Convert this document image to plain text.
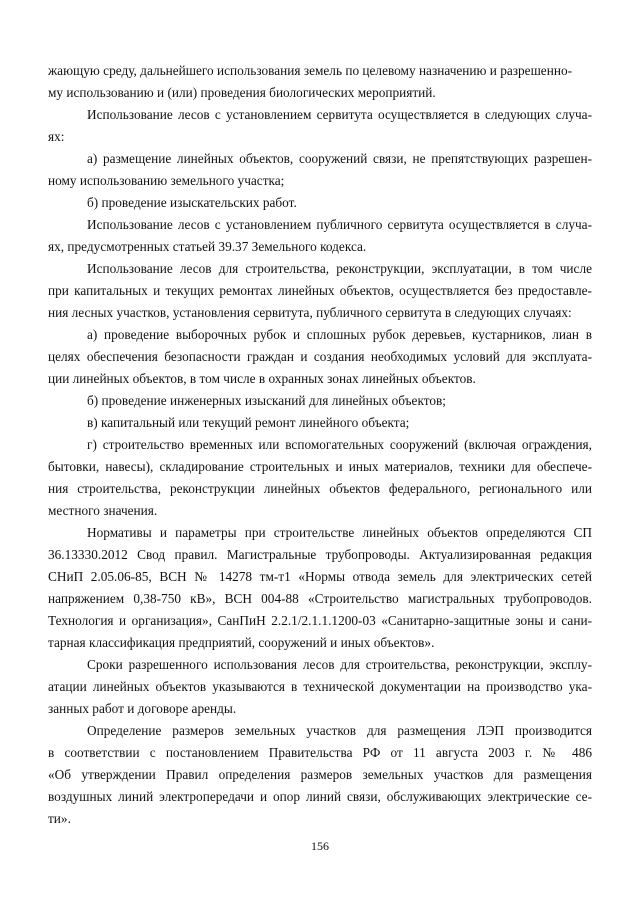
жающую среду, дальнейшего использования земель по целевому назначению и разрешенно-
му использованию и (или) проведения биологических мероприятий.
Использование лесов с установлением сервитута осуществляется в следующих случа-
ях:
а) размещение линейных объектов, сооружений связи, не препятствующих разрешен-
ному использованию земельного участка;
б) проведение изыскательских работ.
Использование лесов с установлением публичного сервитута осуществляется в случа-
ях, предусмотренных статьей 39.37 Земельного кодекса.
Использование лесов для строительства, реконструкции, эксплуатации, в том числе
при капитальных и текущих ремонтах линейных объектов, осуществляется без предоставле-
ния лесных участков, установления сервитута, публичного сервитута в следующих случаях:
а) проведение выборочных рубок и сплошных рубок деревьев, кустарников, лиан в
целях обеспечения безопасности граждан и создания необходимых условий для эксплуата-
ции линейных объектов, в том числе в охранных зонах линейных объектов.
б) проведение инженерных изысканий для линейных объектов;
в) капитальный или текущий ремонт линейного объекта;
г) строительство временных или вспомогательных сооружений (включая ограждения,
бытовки, навесы), складирование строительных и иных материалов, техники для обеспече-
ния строительства, реконструкции линейных объектов федерального, регионального или
местного значения.
Нормативы и параметры при строительстве линейных объектов определяются СП
36.13330.2012 Свод правил. Магистральные трубопроводы. Актуализированная редакция
СНиП 2.05.06-85, ВСН № 14278 тм-т1 «Нормы отвода земель для электрических сетей
напряжением 0,38-750 кВ», ВСН 004-88 «Строительство магистральных трубопроводов.
Технология и организация», СанПиН 2.2.1/2.1.1.1200-03 «Санитарно-защитные зоны и сани-
тарная классификация предприятий, сооружений и иных объектов».
Сроки разрешенного использования лесов для строительства, реконструкции, эксплу-
атации линейных объектов указываются в технической документации на производство ука-
занных работ и договоре аренды.
Определение размеров земельных участков для размещения ЛЭП производится
в соответствии с постановлением Правительства РФ от 11 августа 2003 г. № 486
«Об утверждении Правил определения размеров земельных участков для размещения
воздушных линий электропередачи и опор линий связи, обслуживающих электрические се-
ти».
156
